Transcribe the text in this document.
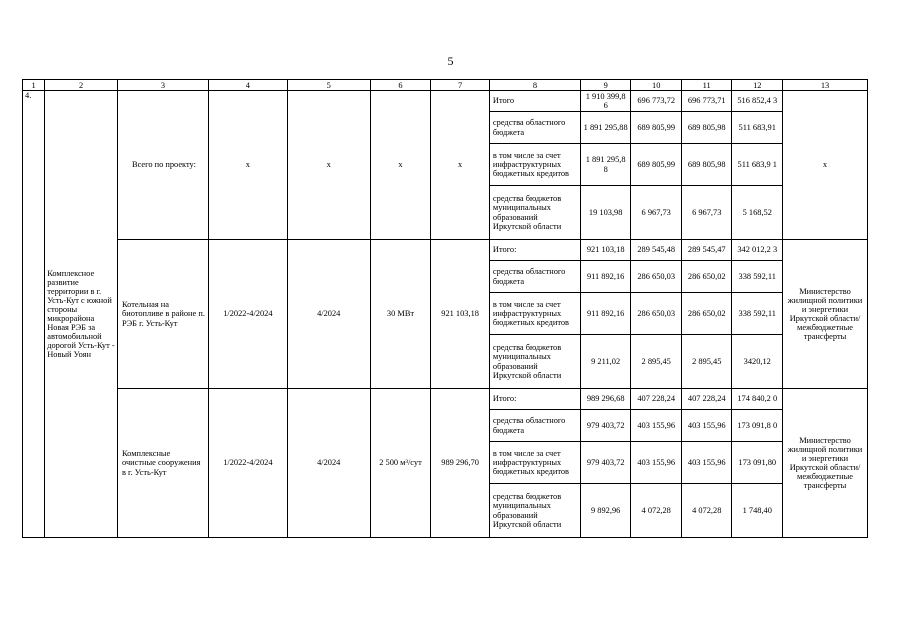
5
1	2	3	4	5	6	7	8	9	10	11	12	13
4.	Комплексное развитие территории в г. Усть-Кут с южной стороны микрорайона Новая РЭБ за автомобильной дорогой Усть-Кут - Новый Уоян	Всего по проекту:	х	х	х	х	Итого	1 910 399,8 6	696 773,72	696 773,71	516 852,4 3	х
							средства областного бюджета	1 891 295,88	689 805,99	689 805,98	511 683,91	
							в том числе за счет инфраструктурных бюджетных кредитов	1 891 295,8 8	689 805,99	689 805,98	511 683,9 1	
							средства бюджетов муниципальных образований Иркутской области	19 103,98	6 967,73	6 967,73	5 168,52	
		Котельная на биотопливе в районе п. РЭБ г. Усть-Кут	1/2022-4/2024	4/2024	30 МВт	921 103,18	Итого:	921 103,18	289 545,48	289 545,47	342 012,2 3	Министерство жилищной политики и энергетики Иркутской области/ межбюджетные трансферты
							средства областного бюджета	911 892,16	286 650,03	286 650,02	338 592,11	
							в том числе за счет инфраструктурных бюджетных кредитов	911 892,16	286 650,03	286 650,02	338 592,11	
							средства бюджетов муниципальных образований Иркутской области	9 211,02	2 895,45	2 895,45	3420,12	
		Комплексные очистные сооружения в г. Усть-Кут	1/2022-4/2024	4/2024	2 500 м³/сут	989 296,70	Итого:	989 296,68	407 228,24	407 228,24	174 840,2 0	Министерство жилищной политики и энергетики Иркутской области/ межбюджетные трансферты
							средства областного бюджета	979 403,72	403 155,96	403 155,96	173 091,8 0	
							в том числе за счет инфраструктурных бюджетных кредитов	979 403,72	403 155,96	403 155,96	173 091,80	
							средства бюджетов муниципальных образований Иркутской области	9 892,96	4 072,28	4 072,28	1 748,40	
